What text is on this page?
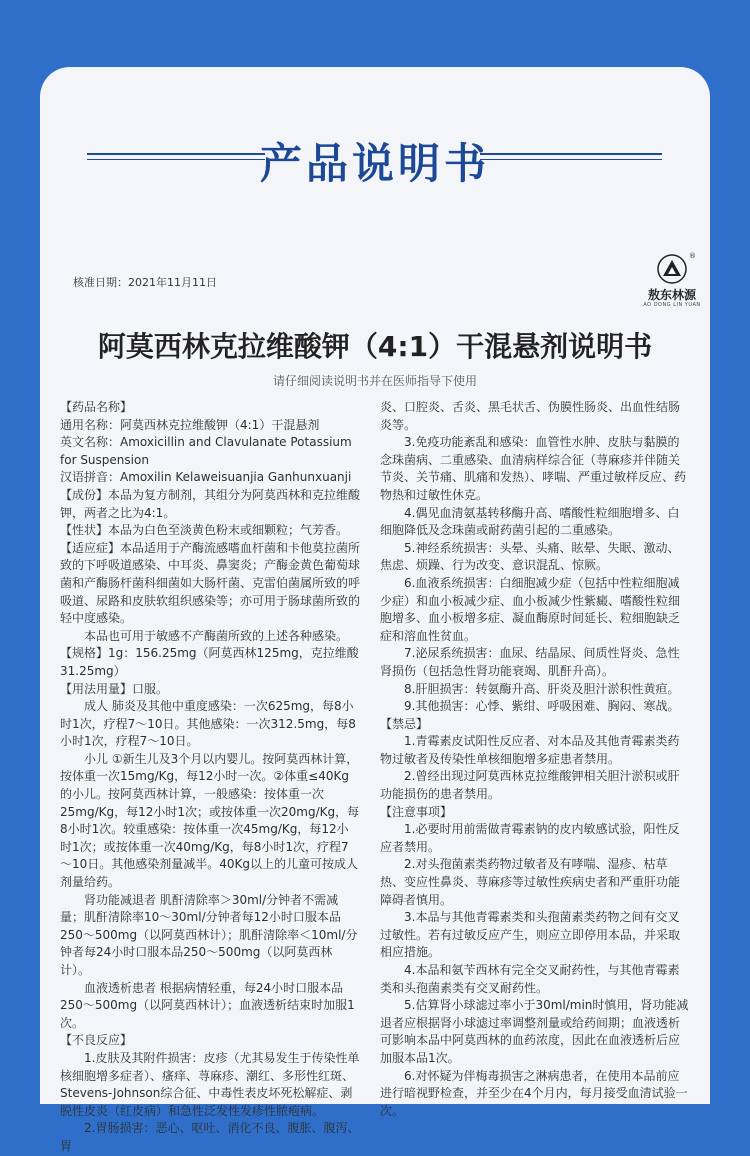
产品说明书
核准日期：2021年11月11日
®
敖东林源
AO DONG LIN YUAN
阿莫西林克拉维酸钾（4:1）干混悬剂说明书
请仔细阅读说明书并在医师指导下使用

【药品名称】

通用名称：阿莫西林克拉维酸钾（4:1）干混悬剂

英文名称：Amoxicillin and Clavulanate Potassium for Suspension

汉语拼音：Amoxilin Kelaweisuanjia Ganhunxuanji

【成份】本品为复方制剂，其组分为阿莫西林和克拉维酸钾，两者之比为4:1。

【性状】本品为白色至淡黄色粉末或细颗粒；气芳香。

【适应症】本品适用于产酶流感嗜血杆菌和卡他莫拉菌所致的下呼吸道感染、中耳炎、鼻窦炎；产酶金黄色葡萄球菌和产酶肠杆菌科细菌如大肠杆菌、克雷伯菌属所致的呼吸道、尿路和皮肤软组织感染等；亦可用于肠球菌所致的轻中度感染。

本品也可用于敏感不产酶菌所致的上述各种感染。

【规格】1g：156.25mg（阿莫西林125mg，克拉维酸31.25mg）

【用法用量】口服。

成人 肺炎及其他中重度感染：一次625mg，每8小时1次，疗程7～10日。其他感染：一次312.5mg，每8小时1次，疗程7～10日。

小儿 ①新生儿及3个月以内婴儿。按阿莫西林计算，按体重一次15mg/Kg，每12小时一次。②体重≤40Kg的小儿。按阿莫西林计算，一般感染：按体重一次25mg/Kg，每12小时1次；或按体重一次20mg/Kg，每8小时1次。较重感染：按体重一次45mg/Kg，每12小时1次；或按体重一次40mg/Kg，每8小时1次，疗程7～10日。其他感染剂量减半。40Kg以上的儿童可按成人剂量给药。

肾功能减退者 肌酐清除率＞30ml/分钟者不需减量；肌酐清除率10～30ml/分钟者每12小时口服本品250～500mg（以阿莫西林计）；肌酐清除率＜10ml/分钟者每24小时口服本品250～500mg（以阿莫西林计）。

血液透析患者 根据病情轻重，每24小时口服本品250～500mg（以阿莫西林计）；血液透析结束时加服1次。

【不良反应】

1.皮肤及其附件损害：皮疹（尤其易发生于传染性单核细胞增多症者）、瘙痒、荨麻疹、潮红、多形性红斑、Stevens-Johnson综合征、中毒性表皮坏死松解症、剥脱性皮炎（红皮病）和急性泛发性发疹性脓疱病。

2.胃肠损害：恶心、呕吐、消化不良、腹胀、腹泻、胃

炎、口腔炎、舌炎、黑毛状舌、伪膜性肠炎、出血性结肠炎等。

3.免疫功能紊乱和感染：血管性水肿、皮肤与黏膜的念珠菌病、二重感染、血清病样综合征（荨麻疹并伴随关节炎、关节痛、肌痛和发热）、哮喘、严重过敏样反应、药物热和过敏性休克。

4.偶见血清氨基转移酶升高、嗜酸性粒细胞增多、白细胞降低及念珠菌或耐药菌引起的二重感染。

5.神经系统损害：头晕、头痛、眩晕、失眠、激动、焦虑、烦躁、行为改变、意识混乱、惊厥。

6.血液系统损害：白细胞减少症（包括中性粒细胞减少症）和血小板减少症、血小板减少性紫癜、嗜酸性粒细胞增多、血小板增多症、凝血酶原时间延长、粒细胞缺乏症和溶血性贫血。

7.泌尿系统损害：血尿、结晶尿、间质性肾炎、急性肾损伤（包括急性肾功能衰竭、肌酐升高）。

8.肝胆损害：转氨酶升高、肝炎及胆汁淤积性黄疸。

9.其他损害：心悸、紫绀、呼吸困难、胸闷、寒战。

【禁忌】

1.青霉素皮试阳性反应者、对本品及其他青霉素类药物过敏者及传染性单核细胞增多症患者禁用。

2.曾经出现过阿莫西林克拉维酸钾相关胆汁淤积或肝功能损伤的患者禁用。

【注意事项】

1.必要时用前需做青霉素钠的皮内敏感试验，阳性反应者禁用。

2.对头孢菌素类药物过敏者及有哮喘、湿疹、枯草热、变应性鼻炎、荨麻疹等过敏性疾病史者和严重肝功能障碍者慎用。

3.本品与其他青霉素类和头孢菌素类药物之间有交叉过敏性。若有过敏反应产生，则应立即停用本品，并采取相应措施。

4.本品和氨苄西林有完全交叉耐药性，与其他青霉素类和头孢菌素类有交叉耐药性。

5.估算肾小球滤过率小于30ml/min时慎用，肾功能减退者应根据肾小球滤过率调整剂量或给药间期；血液透析可影响本品中阿莫西林的血药浓度，因此在血液透析后应加服本品1次。

6.对怀疑为伴梅毒损害之淋病患者，在使用本品前应进行暗视野检查，并至少在4个月内，每月接受血清试验一次。
